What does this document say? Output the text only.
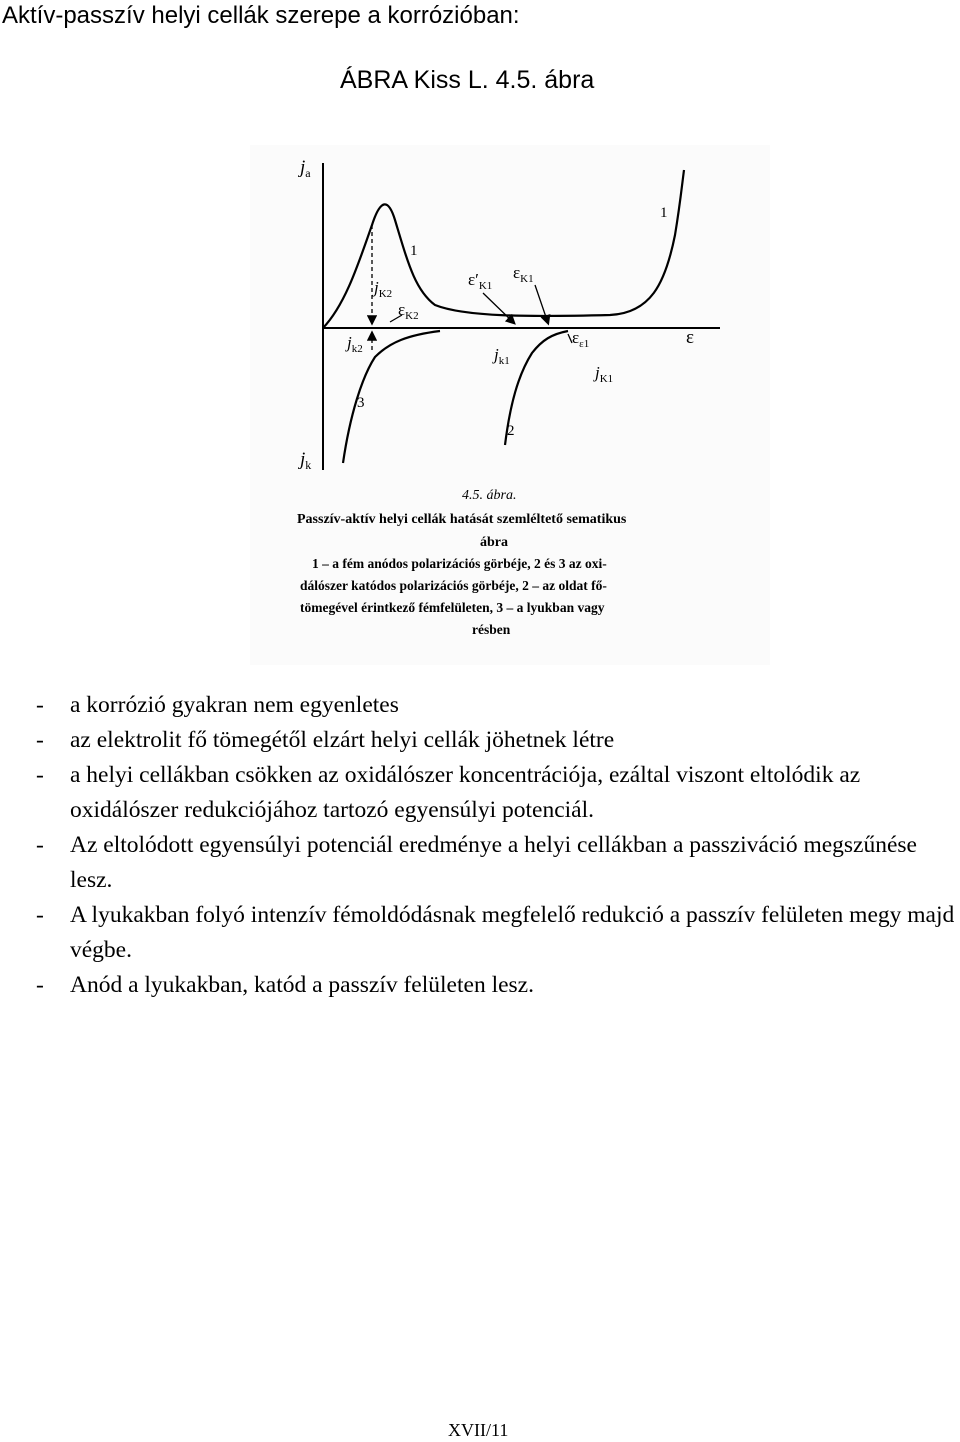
Aktív-passzív helyi cellák szerepe a korrózióban:
ÁBRA Kiss L. 4.5. ábra
$j_a$
$j_k$
ε
1
1
2
3
$j_{K2}$
$j_{k2}$
$\varepsilon_{K2}$
$\varepsilon'_{K1}$
$\varepsilon_{K1}$
$\varepsilon_{\varepsilon 1}$
$j_{k1}$
$j_{K1}$
4.5. ábra.
Passzív-aktív helyi cellák hatását szemléltető sematikus
ábra
1 – a fém anódos polarizációs görbéje, 2 és 3 az oxi-
dálószer katódos polarizációs görbéje, 2 – az oldat fő-
tömegével érintkező fémfelületen, 3 – a lyukban vagy
résben
- a korrózió gyakran nem egyenletes
- az elektrolit fő tömegétől elzárt helyi cellák jöhetnek létre
- a helyi cellákban csökken az oxidálószer koncentrációja, ezáltal viszont eltolódik az oxidálószer redukciójához tartozó egyensúlyi potenciál.
- Az eltolódott egyensúlyi potenciál eredménye a helyi cellákban a passziváció megszűnése lesz.
- A lyukakban folyó intenzív fémoldódásnak megfelelő redukció a passzív felületen megy majd végbe.
- Anód a lyukakban, katód a passzív felületen lesz.
XVII/11
